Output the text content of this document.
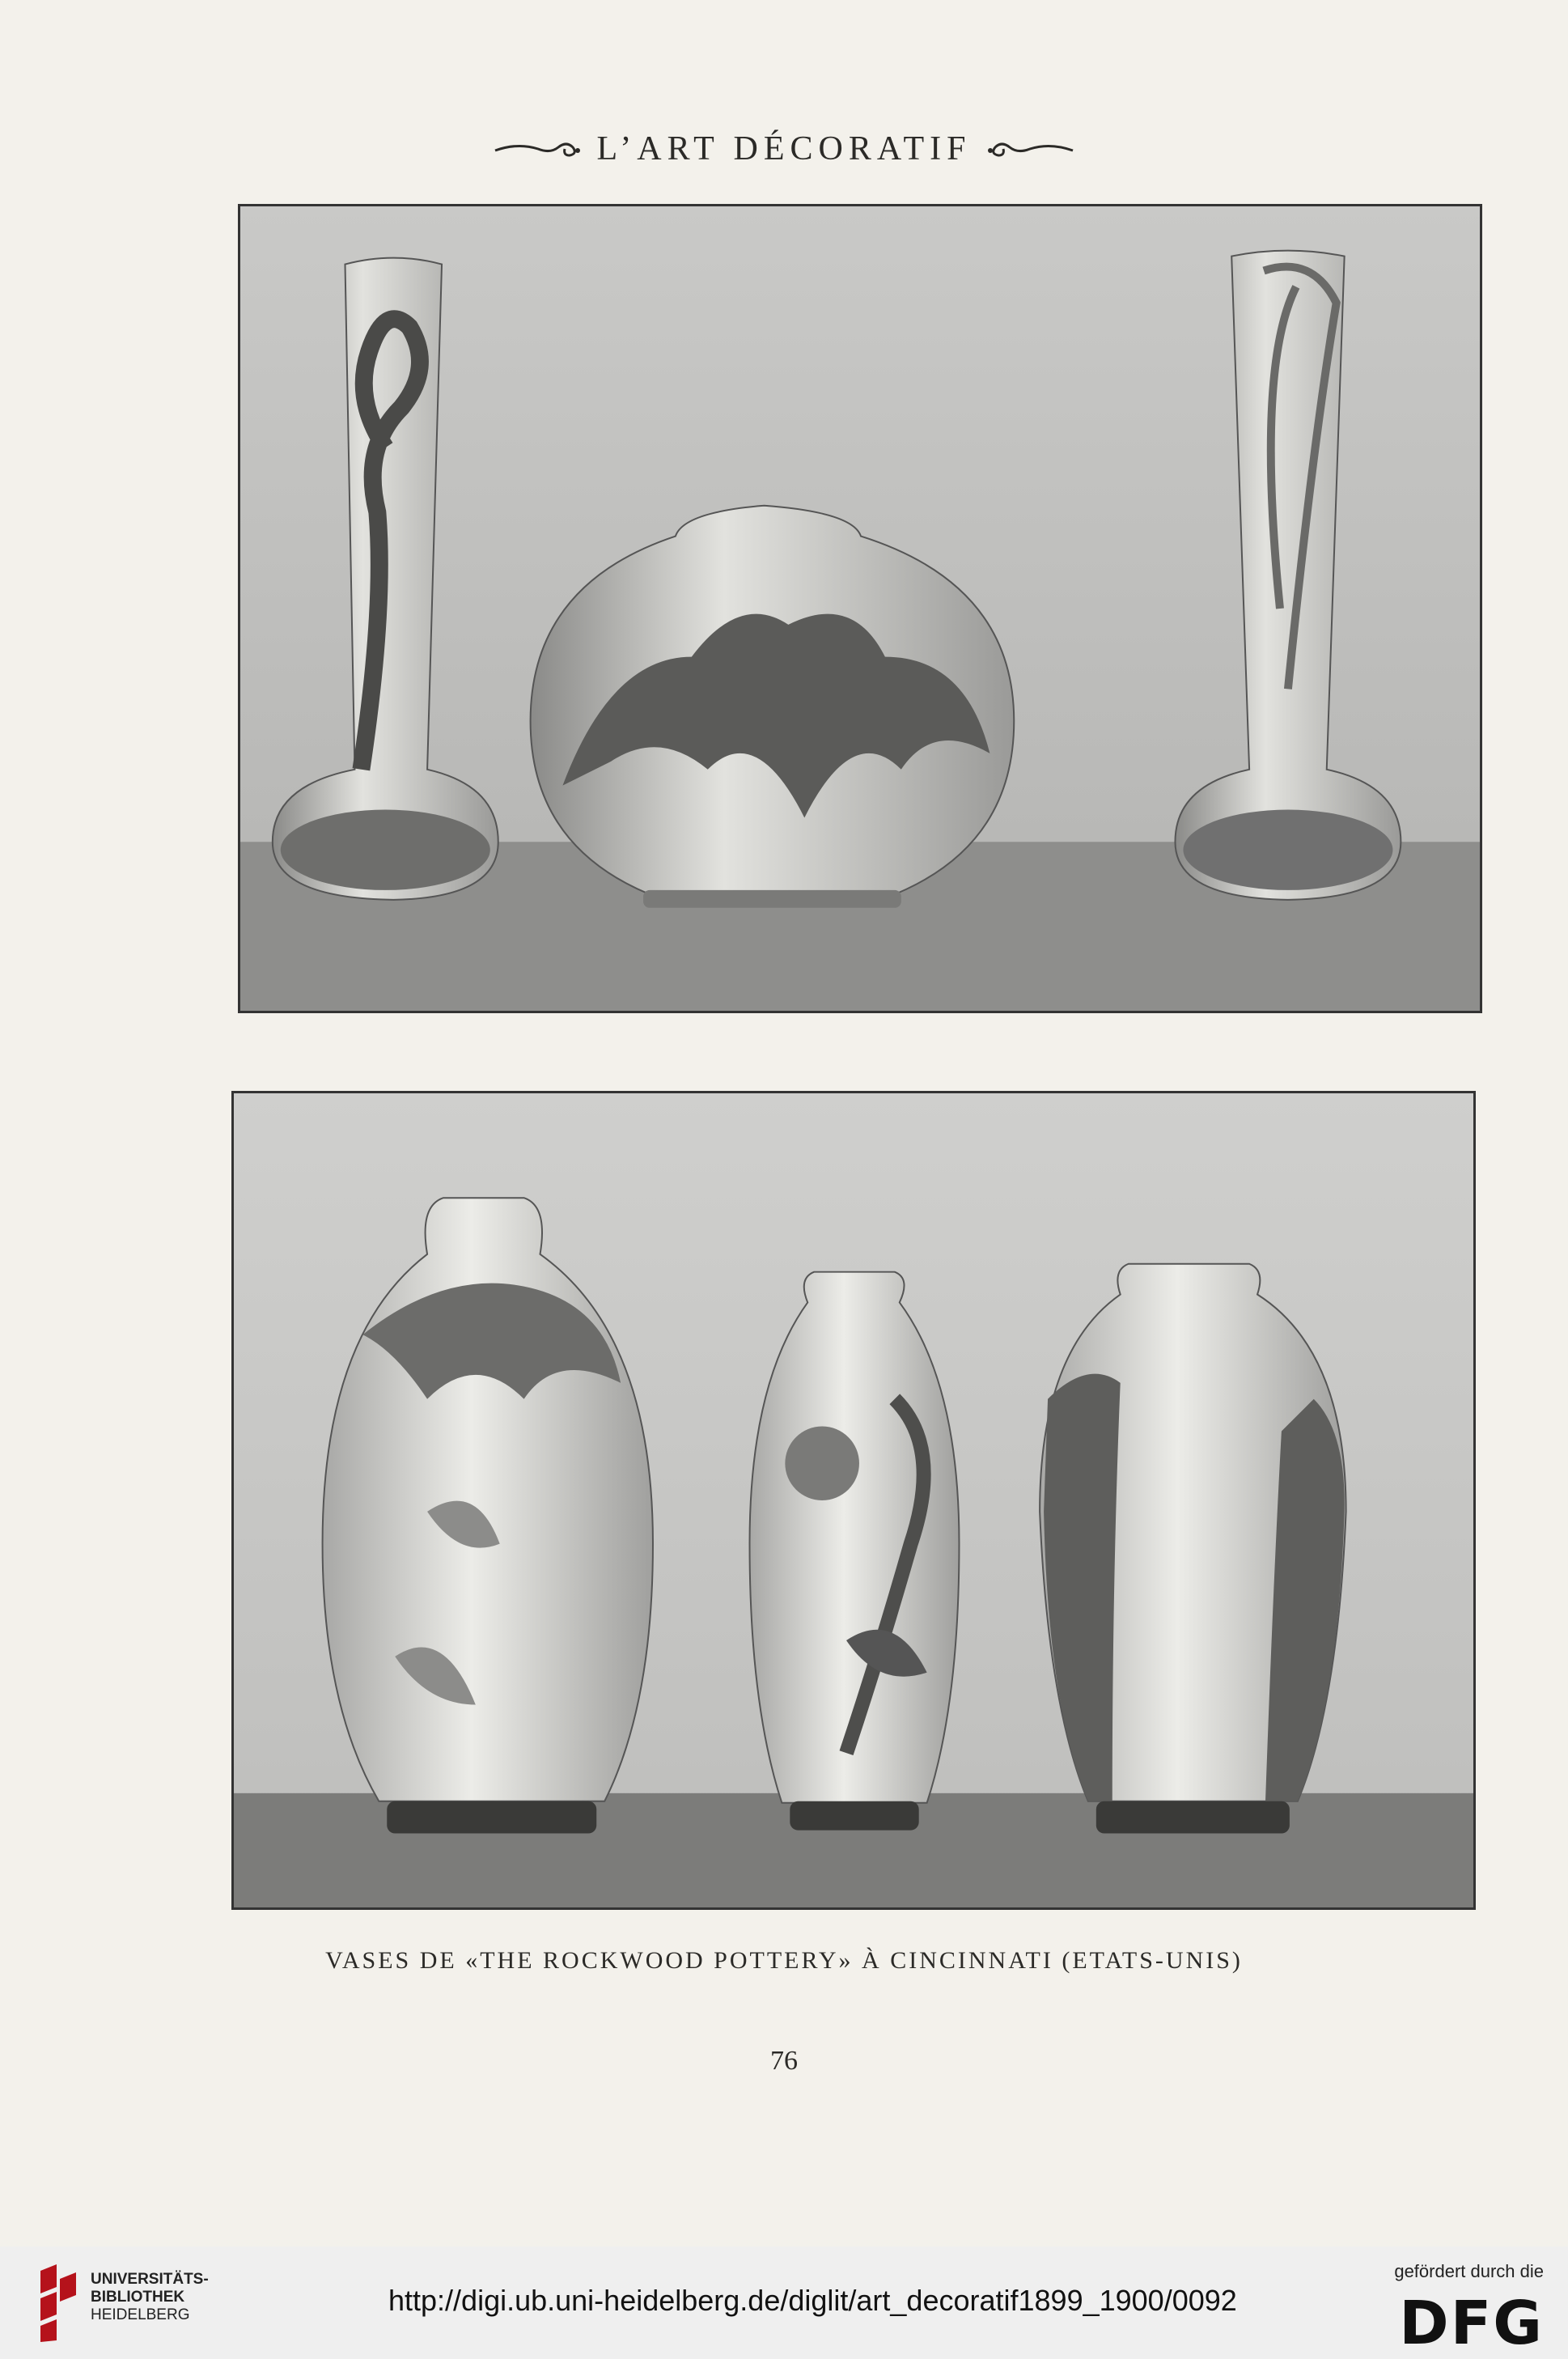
L’ART DÉCORATIF
VASES DE «THE ROCKWOOD POTTERY» À CINCINNATI (ETATS-UNIS)
76
UNIVERSITÄTS-
BIBLIOTHEK
HEIDELBERG	http://digi.ub.uni-heidelberg.de/diglit/art_decoratif1899_1900/0092
gefördert durch die
DFG
